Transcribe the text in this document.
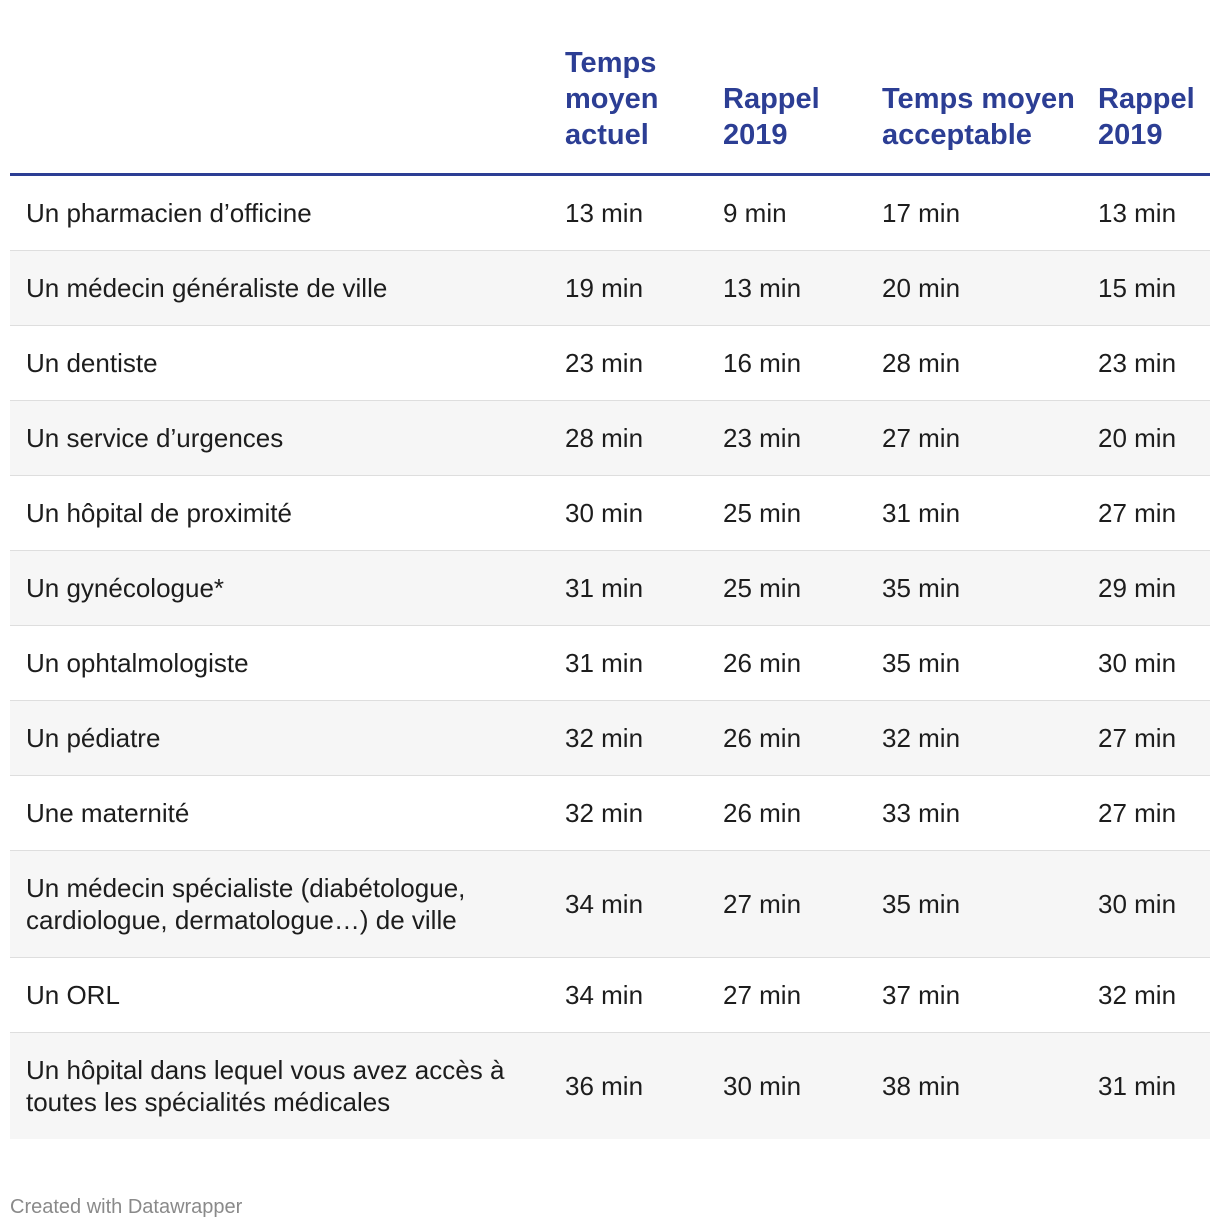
	Temps moyen actuel	Rappel 2019	Temps moyen acceptable	Rappel 2019
Un pharmacien d’officine	13 min	9 min	17 min	13 min
Un médecin généraliste de ville	19 min	13 min	20 min	15 min
Un dentiste	23 min	16 min	28 min	23 min
Un service d’urgences	28 min	23 min	27 min	20 min
Un hôpital de proximité	30 min	25 min	31 min	27 min
Un gynécologue*	31 min	25 min	35 min	29 min
Un ophtalmologiste	31 min	26 min	35 min	30 min
Un pédiatre	32 min	26 min	32 min	27 min
Une maternité	32 min	26 min	33 min	27 min
Un médecin spécialiste (diabétologue, cardiologue, dermatologue…) de ville	34 min	27 min	35 min	30 min
Un ORL	34 min	27 min	37 min	32 min
Un hôpital dans lequel vous avez accès à toutes les spécialités médicales	36 min	30 min	38 min	31 min
Created with Datawrapper
